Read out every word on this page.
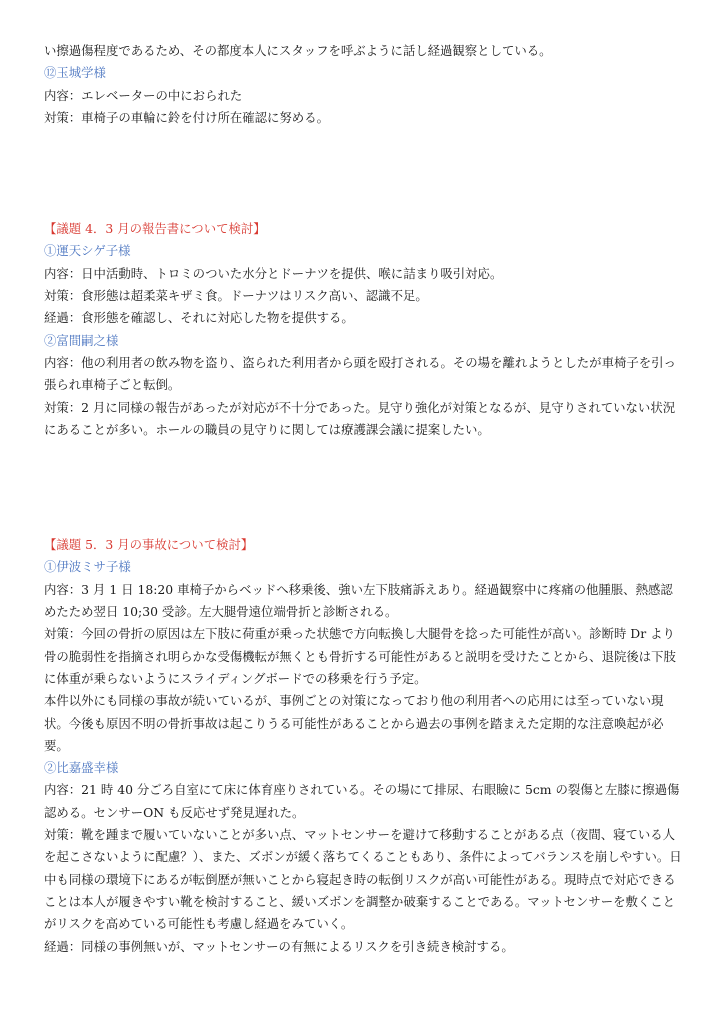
い擦過傷程度であるため、その都度本人にスタッフを呼ぶように話し経過観察としている。

⑫玉城学様

内容：エレベーターの中におられた

対策：車椅子の車輪に鈴を付け所在確認に努める。

【議題 4．3 月の報告書について検討】

①運天シゲ子様

内容：日中活動時、トロミのついた水分とドーナツを提供、喉に詰まり吸引対応。

対策：食形態は超柔菜キザミ食。ドーナツはリスク高い、認識不足。

経過：食形態を確認し、それに対応した物を提供する。

②富間嗣之様

内容：他の利用者の飲み物を盗り、盗られた利用者から頭を殴打される。その場を離れようとしたが車椅子を引っ張られ車椅子ごと転倒。

対策：2 月に同様の報告があったが対応が不十分であった。見守り強化が対策となるが、見守りされていない状況にあることが多い。ホールの職員の見守りに関しては療護課会議に提案したい。

【議題 5．3 月の事故について検討】

①伊波ミサ子様

内容：3 月 1 日 18:20 車椅子からベッドへ移乗後、強い左下肢痛訴えあり。経過観察中に疼痛の他腫脹、熱感認めたため翌日 10;30 受診。左大腿骨遠位端骨折と診断される。

対策：今回の骨折の原因は左下肢に荷重が乗った状態で方向転換し大腿骨を捻った可能性が高い。診断時 Dr より骨の脆弱性を指摘され明らかな受傷機転が無くとも骨折する可能性があると説明を受けたことから、退院後は下肢に体重が乗らないようにスライディングボードでの移乗を行う予定。

本件以外にも同様の事故が続いているが、事例ごとの対策になっており他の利用者への応用には至っていない現状。今後も原因不明の骨折事故は起こりうる可能性があることから過去の事例を踏まえた定期的な注意喚起が必要。

②比嘉盛幸様

内容：21 時 40 分ごろ自室にて床に体育座りされている。その場にて排尿、右眼瞼に 5cm の裂傷と左膝に擦過傷認める。センサーON も反応せず発見遅れた。

対策：靴を踵まで履いていないことが多い点、マットセンサーを避けて移動することがある点（夜間、寝ている人を起こさないように配慮？）、また、ズボンが緩く落ちてくることもあり、条件によってバランスを崩しやすい。日中も同様の環境下にあるが転倒歴が無いことから寝起き時の転倒リスクが高い可能性がある。現時点で対応できることは本人が履きやすい靴を検討すること、緩いズボンを調整か破棄することである。マットセンサーを敷くことがリスクを高めている可能性も考慮し経過をみていく。

経過：同様の事例無いが、マットセンサーの有無によるリスクを引き続き検討する。
